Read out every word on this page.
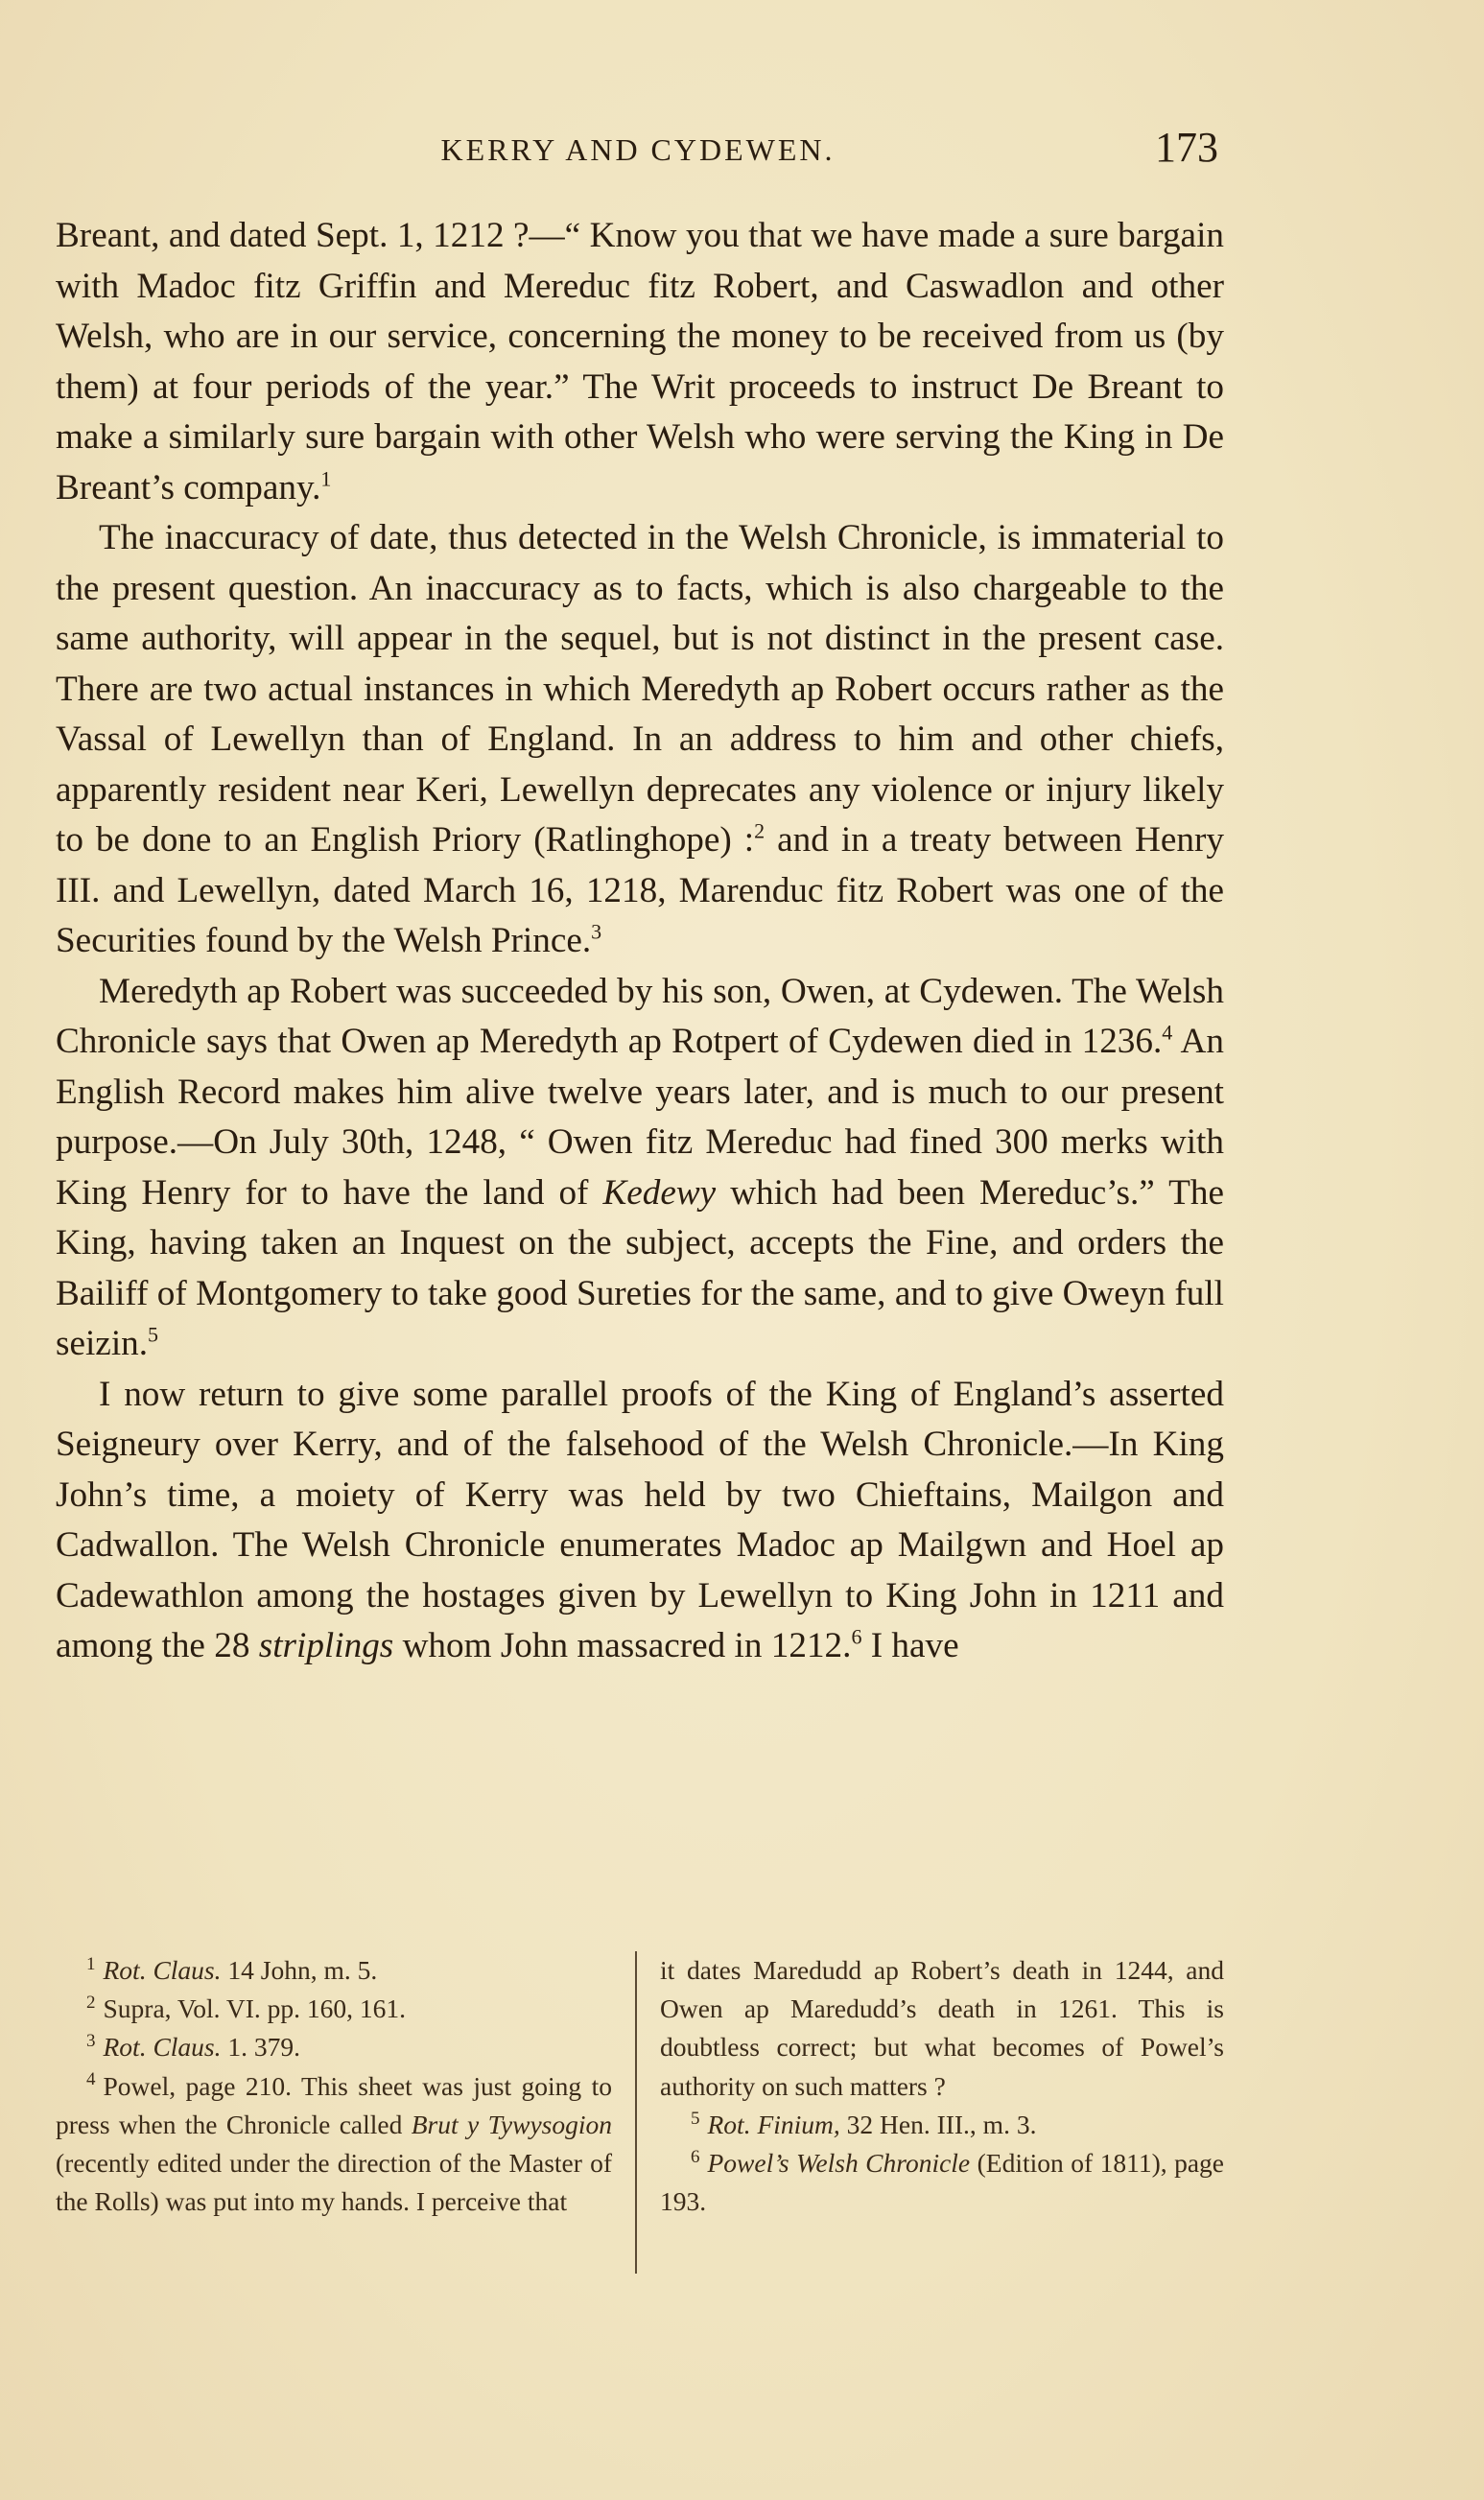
KERRY AND CYDEWEN.	173

Breant, and dated Sept. 1, 1212 ?—“ Know you that we have made a sure bargain with Madoc fitz Griffin and Mereduc fitz Robert, and Caswadlon and other Welsh, who are in our service, concerning the money to be received from us (by them) at four periods of the year.” The Writ proceeds to instruct De Breant to make a similarly sure bargain with other Welsh who were serving the King in De Breant’s company.$^1$

The inaccuracy of date, thus detected in the Welsh Chronicle, is immaterial to the present question. An inaccuracy as to facts, which is also chargeable to the same authority, will appear in the sequel, but is not distinct in the present case. There are two actual instances in which Meredyth ap Robert occurs rather as the Vassal of Lewellyn than of England. In an address to him and other chiefs, apparently resident near Keri, Lewellyn deprecates any violence or injury likely to be done to an English Priory (Ratlinghope) :$^2$ and in a treaty between Henry III. and Lewellyn, dated March 16, 1218, Marenduc fitz Robert was one of the Securities found by the Welsh Prince.$^3$

Meredyth ap Robert was succeeded by his son, Owen, at Cydewen. The Welsh Chronicle says that Owen ap Meredyth ap Rotpert of Cydewen died in 1236.$^4$ An English Record makes him alive twelve years later, and is much to our present purpose.—On July 30th, 1248, “ Owen fitz Mereduc had fined 300 merks with King Henry for to have the land of Kedewy which had been Mereduc’s.” The King, having taken an Inquest on the subject, accepts the Fine, and orders the Bailiff of Montgomery to take good Sureties for the same, and to give Oweyn full seizin.$^5$

I now return to give some parallel proofs of the King of England’s asserted Seigneury over Kerry, and of the falsehood of the Welsh Chronicle.—In King John’s time, a moiety of Kerry was held by two Chieftains, Mailgon and Cadwallon. The Welsh Chronicle enumerates Madoc ap Mailgwn and Hoel ap Cadewathlon among the hostages given by Lewellyn to King John in 1211 and among the 28 striplings whom John massacred in 1212.$^6$ I have

$^1$ Rot. Claus. 14 John, m. 5.

$^2$ Supra, Vol. VI. pp. 160, 161.

$^3$ Rot. Claus. 1. 379.

$^4$ Powel, page 210. This sheet was just going to press when the Chronicle called Brut y Tywysogion (recently edited under the direction of the Master of the Rolls) was put into my hands. I perceive that

it dates Maredudd ap Robert’s death in 1244, and Owen ap Maredudd’s death in 1261. This is doubtless correct; but what becomes of Powel’s authority on such matters ?

$^5$ Rot. Finium, 32 Hen. III., m. 3.

$^6$ Powel’s Welsh Chronicle (Edition of 1811), page 193.
